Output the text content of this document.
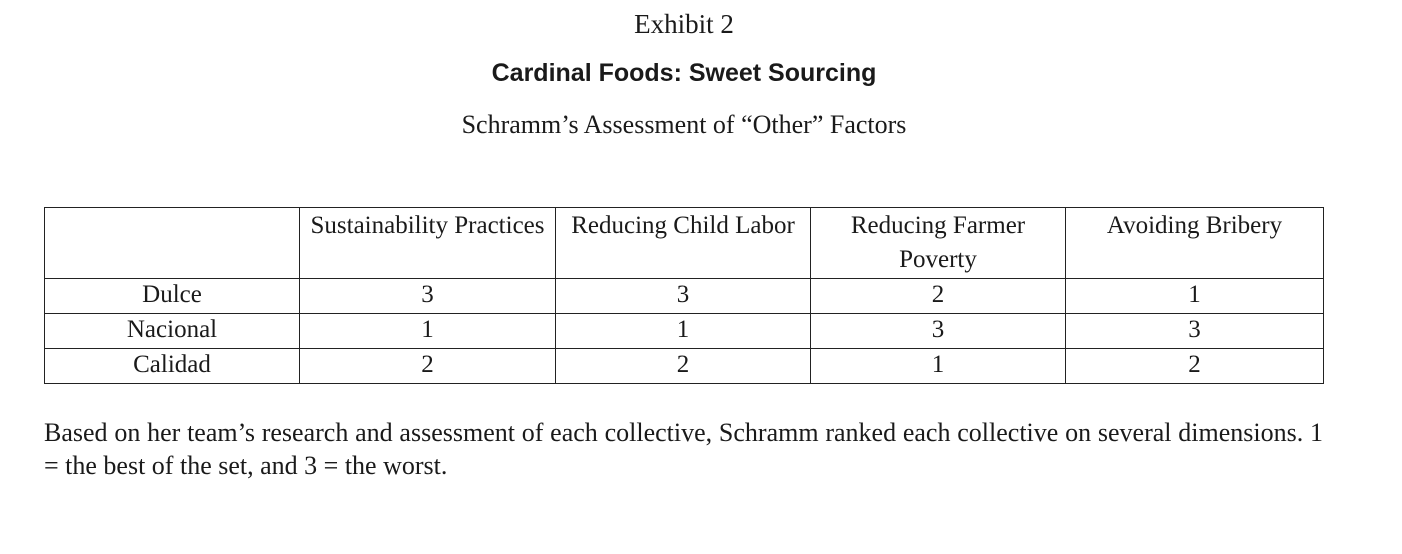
Exhibit 2
Cardinal Foods: Sweet Sourcing
Schramm’s Assessment of “Other” Factors
	Sustainability Practices	Reducing Child Labor	Reducing Farmer Poverty	Avoiding Bribery
Dulce	3	3	2	1
Nacional	1	1	3	3
Calidad	2	2	1	2
Based on her team’s research and assessment of each collective, Schramm ranked each collective on several dimensions. 1 = the best of the set, and 3 = the worst.
